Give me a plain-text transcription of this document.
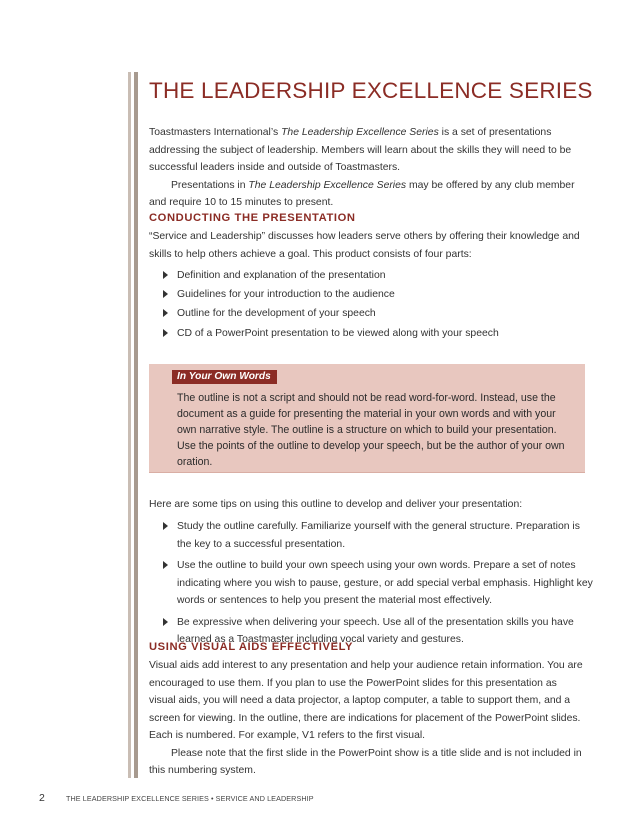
THE LEADERSHIP EXCELLENCE SERIES

Toastmasters International’s The Leadership Excellence Series is a set of presentations addressing the subject of leadership. Members will learn about the skills they will need to be successful leaders inside and outside of Toastmasters.

Presentations in The Leadership Excellence Series may be offered by any club member and require 10 to 15 minutes to present.

CONDUCTING THE PRESENTATION

“Service and Leadership” discusses how leaders serve others by offering their knowledge and skills to help others achieve a goal. This product consists of four parts:

Definition and explanation of the presentation
Guidelines for your introduction to the audience
Outline for the development of your speech
CD of a PowerPoint presentation to be viewed along with your speech
In Your Own Words
The outline is not a script and should not be read word-for-word. Instead, use the document as a guide for presenting the material in your own words and with your own narrative style. The outline is a structure on which to build your presentation. Use the points of the outline to develop your speech, but be the author of your own oration.

Here are some tips on using this outline to develop and deliver your presentation:

Study the outline carefully. Familiarize yourself with the general structure. Preparation is the key to a successful presentation.
Use the outline to build your own speech using your own words. Prepare a set of notes indicating where you wish to pause, gesture, or add special verbal emphasis. Highlight key words or sentences to help you present the material most effectively.
Be expressive when delivering your speech. Use all of the presentation skills you have learned as a Toastmaster including vocal variety and gestures.
USING VISUAL AIDS EFFECTIVELY

Visual aids add interest to any presentation and help your audience retain information. You are encouraged to use them. If you plan to use the PowerPoint slides for this presentation as visual aids, you will need a data projector, a laptop computer, a table to support them, and a screen for viewing. In the outline, there are indications for placement of the PowerPoint slides. Each is numbered. For example, V1 refers to the first visual.

Please note that the first slide in the PowerPoint show is a title slide and is not included in this numbering system.

2	THE LEADERSHIP EXCELLENCE SERIES • SERVICE AND LEADERSHIP
